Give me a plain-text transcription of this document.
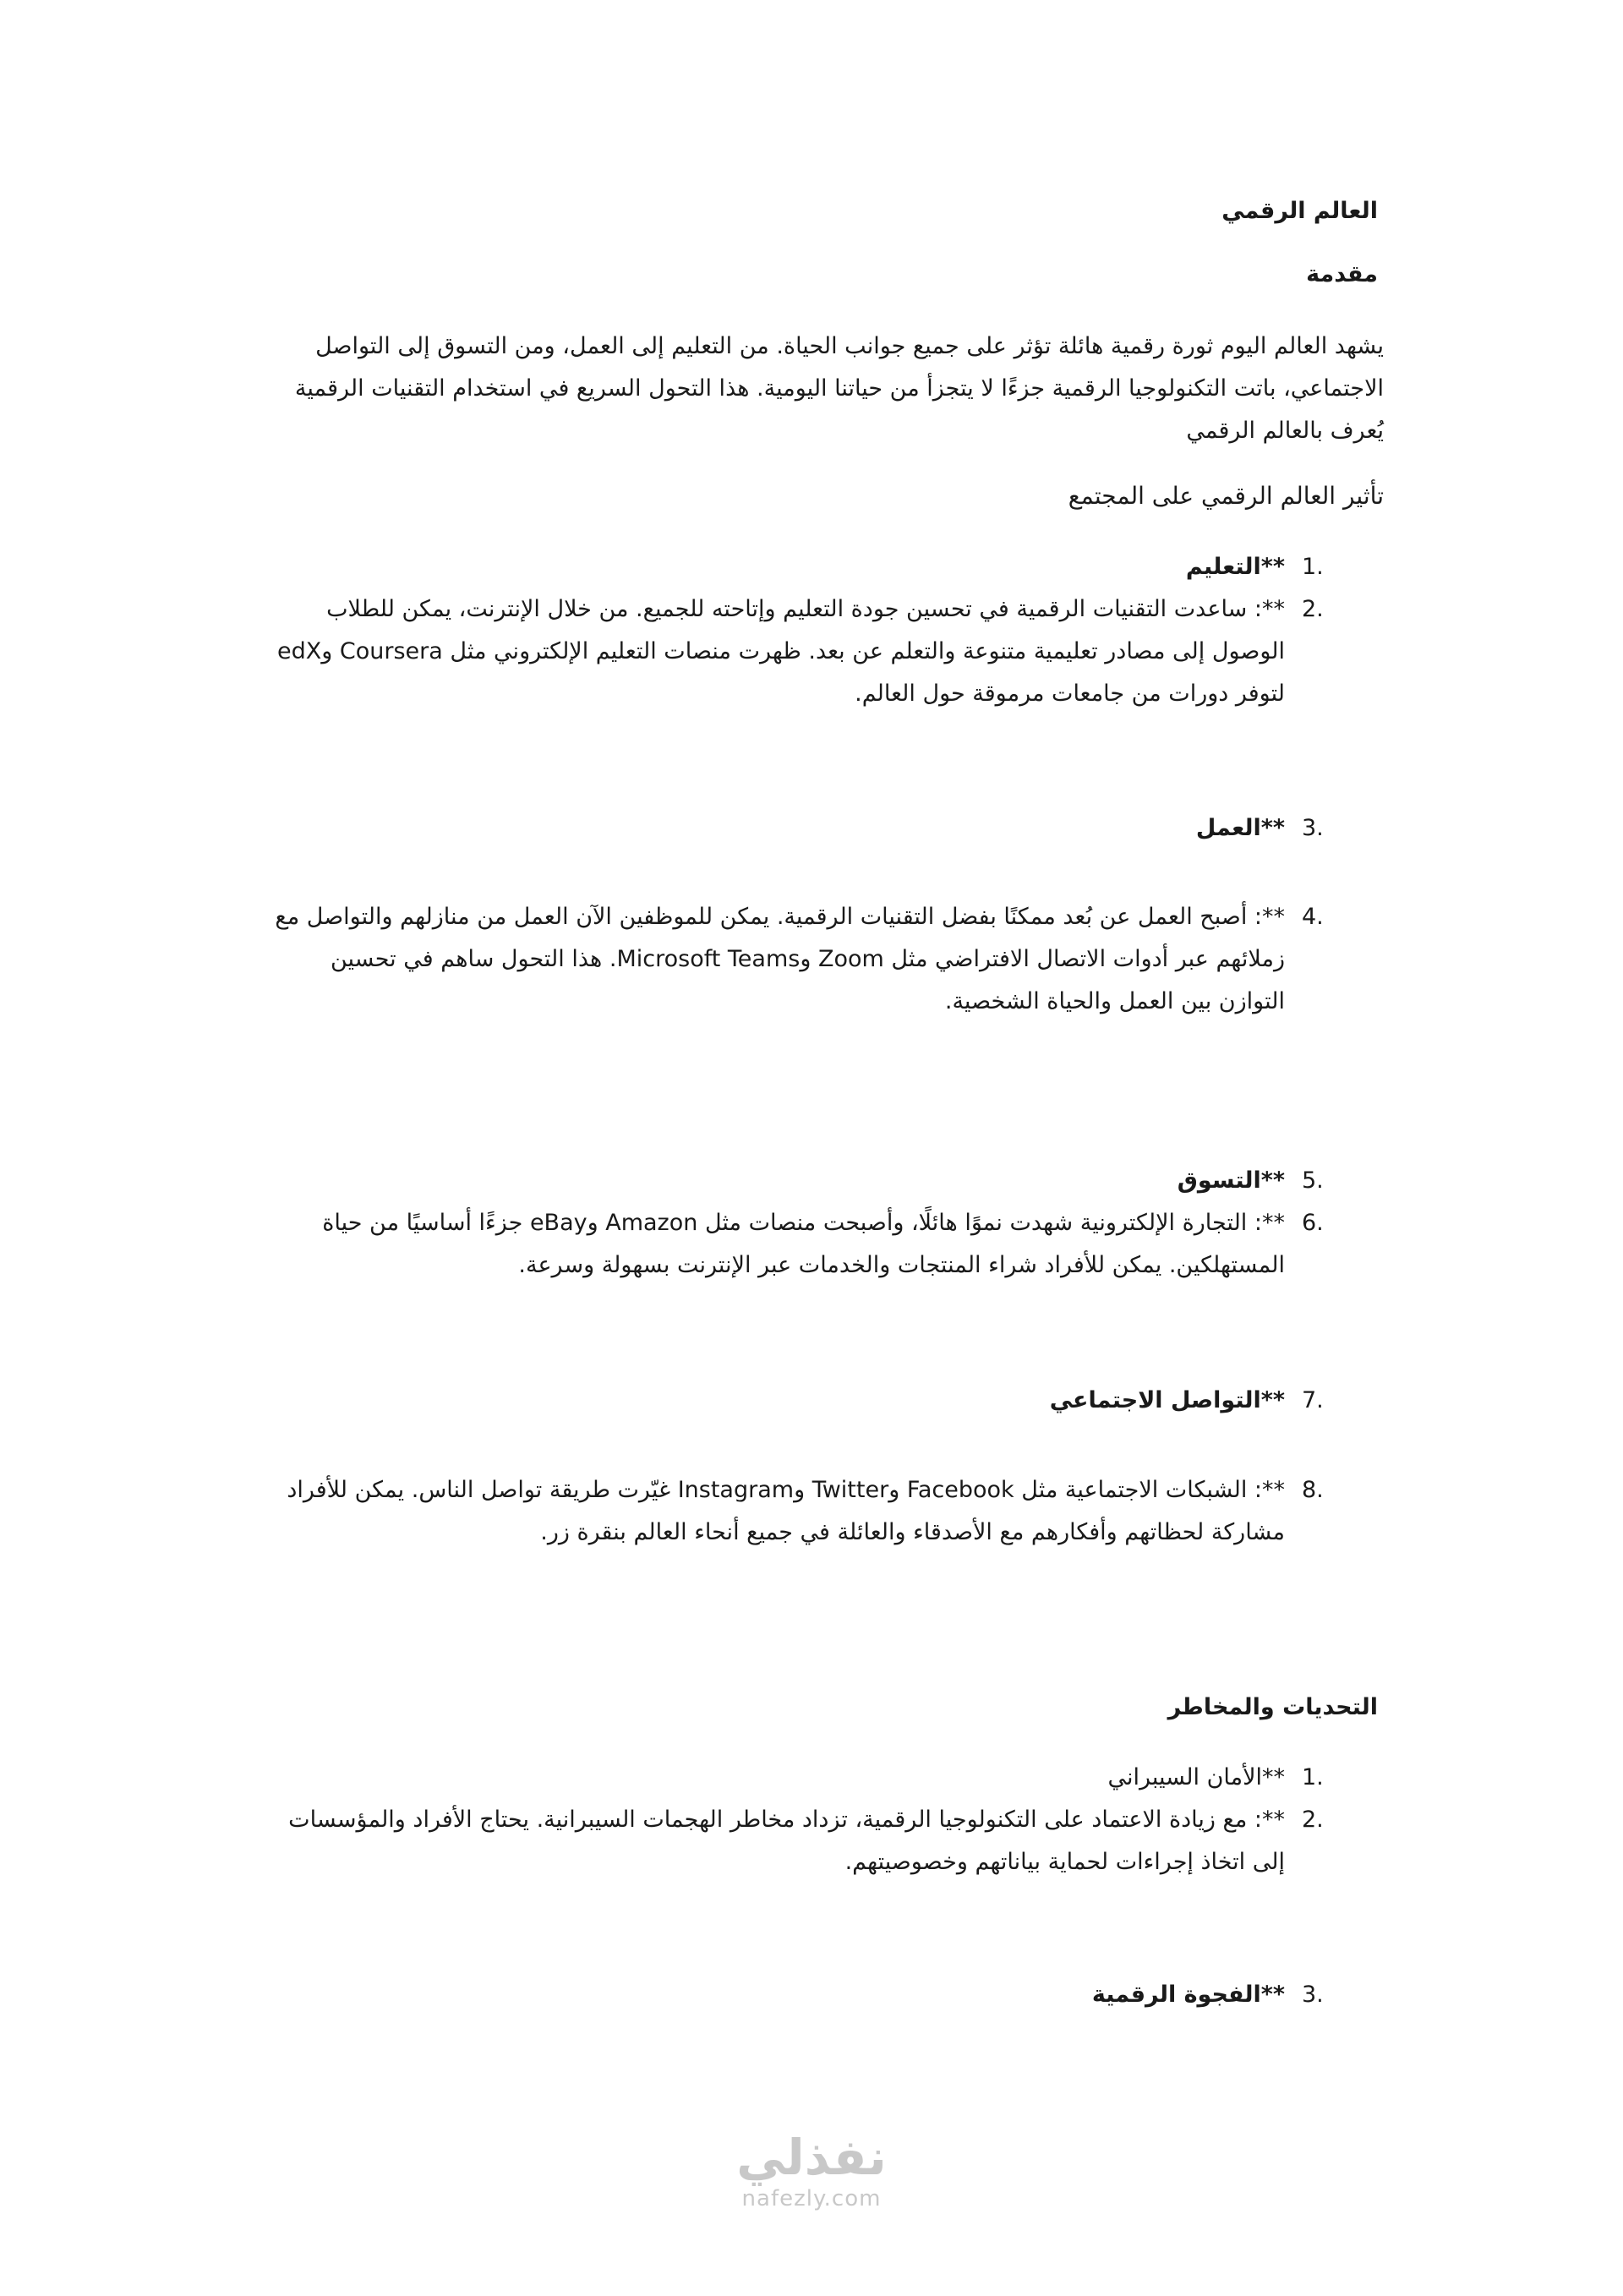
العالم الرقمي
مقدمة
يشهد العالم اليوم ثورة رقمية هائلة تؤثر على جميع جوانب الحياة. من التعليم إلى العمل، ومن التسوق إلى التواصل الاجتماعي، باتت التكنولوجيا الرقمية جزءًا لا يتجزأ من حياتنا اليومية. هذا التحول السريع في استخدام التقنيات الرقمية يُعرف بالعالم الرقمي
تأثير العالم الرقمي على المجتمع
1.
**التعليم
2.
**: ساعدت التقنيات الرقمية في تحسين جودة التعليم وإتاحته للجميع. من خلال الإنترنت، يمكن للطلاب الوصول إلى مصادر تعليمية متنوعة والتعلم عن بعد. ظهرت منصات التعليم الإلكتروني مثل Coursera وedX لتوفر دورات من جامعات مرموقة حول العالم.
3.
**العمل
4.
**: أصبح العمل عن بُعد ممكنًا بفضل التقنيات الرقمية. يمكن للموظفين الآن العمل من منازلهم والتواصل مع زملائهم عبر أدوات الاتصال الافتراضي مثل Zoom وMicrosoft Teams. هذا التحول ساهم في تحسين التوازن بين العمل والحياة الشخصية.
5.
**التسوق
6.
**: التجارة الإلكترونية شهدت نموًا هائلًا، وأصبحت منصات مثل Amazon وeBay جزءًا أساسيًا من حياة المستهلكين. يمكن للأفراد شراء المنتجات والخدمات عبر الإنترنت بسهولة وسرعة.
7.
**التواصل الاجتماعي
8.
**: الشبكات الاجتماعية مثل Facebook وTwitter وInstagram غيّرت طريقة تواصل الناس. يمكن للأفراد مشاركة لحظاتهم وأفكارهم مع الأصدقاء والعائلة في جميع أنحاء العالم بنقرة زر.
التحديات والمخاطر
1.
**الأمان السيبراني
2.
**: مع زيادة الاعتماد على التكنولوجيا الرقمية، تزداد مخاطر الهجمات السيبرانية. يحتاج الأفراد والمؤسسات إلى اتخاذ إجراءات لحماية بياناتهم وخصوصيتهم.
3.
**الفجوة الرقمية
نفذلي
nafezly.com
